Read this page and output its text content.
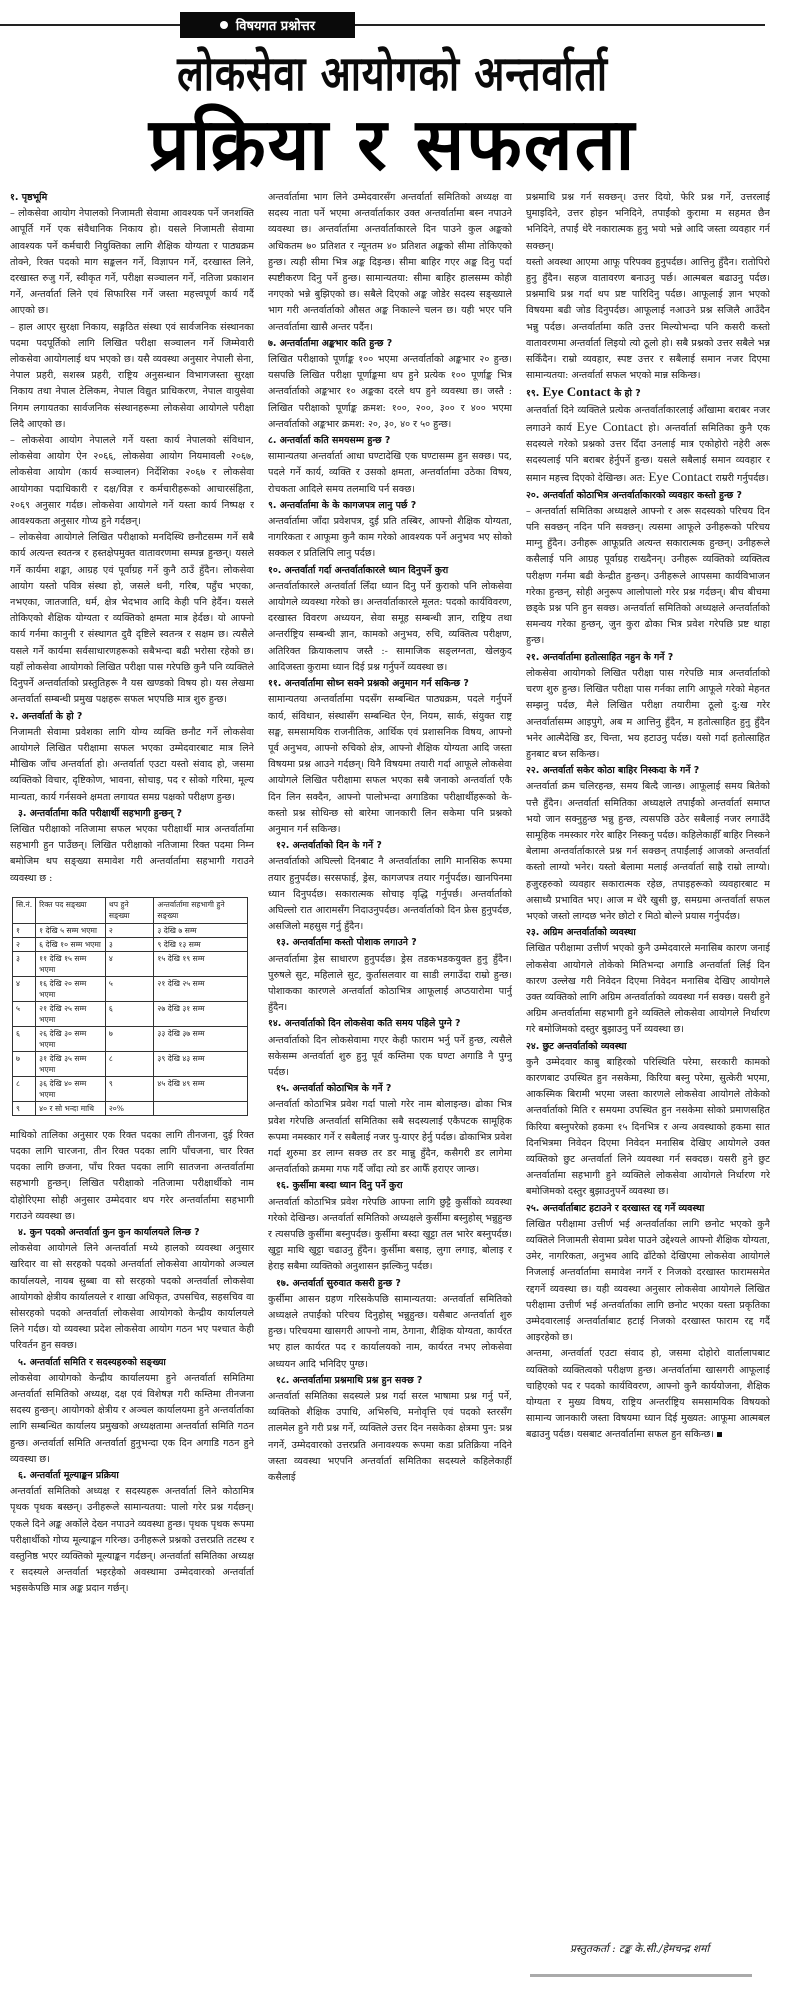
विषयगत प्रश्नोत्तर
लोकसेवा आयोगको अन्तर्वार्ता
प्रक्रिया र सफलता
१. पृष्ठभूमि

– लोकसेवा आयोग नेपालको निजामती सेवामा आवश्यक पर्ने जनशक्ति आपूर्ति गर्ने एक संवैधानिक निकाय हो। यसले निजामती सेवामा आवश्यक पर्ने कर्मचारी नियुक्तिका लागि शैक्षिक योग्यता र पाठ्यक्रम तोक्ने, रिक्त पदको माग सङ्कलन गर्ने, विज्ञापन गर्ने, दरखास्त लिने, दरखास्त रुजु गर्ने, स्वीकृत गर्ने, परीक्षा सञ्चालन गर्ने, नतिजा प्रकाशन गर्ने, अन्तर्वार्ता लिने एवं सिफारिस गर्ने जस्ता महत्त्वपूर्ण कार्य गर्दै आएको छ।

– हाल आएर सुरक्षा निकाय, सङ्गठित संस्था एवं सार्वजनिक संस्थानका पदमा पदपूर्तिको लागि लिखित परीक्षा सञ्चालन गर्ने जिम्मेवारी लोकसेवा आयोगलाई थप भएको छ। यसै व्यवस्था अनुसार नेपाली सेना, नेपाल प्रहरी, सशस्त्र प्रहरी, राष्ट्रिय अनुसन्धान विभागजस्ता सुरक्षा निकाय तथा नेपाल टेलिकम, नेपाल विद्युत प्राधिकरण, नेपाल वायुसेवा निगम लगायतका सार्वजनिक संस्थानहरूमा लोकसेवा आयोगले परीक्षा लिदै आएको छ।

– लोकसेवा आयोग नेपालले गर्ने यस्ता कार्य नेपालको संविधान, लोकसेवा आयोग ऐन २०६६, लोकसेवा आयोग नियमावली २०६७, लोकसेवा आयोग (कार्य सञ्चालन) निर्देशिका २०६७ र लोकसेवा आयोगका पदाधिकारी र दक्ष/विज्ञ र कर्मचारीहरूको आचारसंहिता, २०६९ अनुसार गर्दछ। लोकसेवा आयोगले गर्ने यस्ता कार्य निष्पक्ष र आवश्यकता अनुसार गोप्य हुने गर्दछन्।

– लोकसेवा आयोगले लिखित परीक्षाको मनदिस्थि छनौटसम्म गर्ने सबै कार्य अत्यन्त स्वतन्त्र र हस्तक्षेपमुक्त वातावरणमा सम्पन्न हुन्छन्। यसले गर्ने कार्यमा शङ्का, आग्रह एवं पूर्वाग्रह गर्ने कुनै ठाउँ हुँदैन। लोकसेवा आयोग यस्तो पवित्र संस्था हो, जसले धनी, गरिब, पहुँच भएका, नभएका, जातजाति, धर्म, क्षेत्र भेदभाव आदि केही पनि हेर्दैन। यसले तोकिएको शैक्षिक योग्यता र व्यक्तिको क्षमता मात्र हेर्दछ। यो आफ्नो कार्य गर्नमा कानुनी र संस्थागत दुवै दृष्टिले स्वतन्त्र र सक्षम छ। त्यसैले यसले गर्ने कार्यमा सर्वसाधारणहरूको सबैभन्दा बढी भरोसा रहेको छ। यहाँ लोकसेवा आयोगको लिखित परीक्षा पास गरेपछि कुनै पनि व्यक्तिले दिनुपर्ने अन्तर्वार्ताको प्रस्तुतिहरू नै यस खण्डको विषय हो। यस लेखमा अन्तर्वार्ता सम्बन्धी प्रमुख पक्षहरू सफल भएपछि मात्र शुरु हुन्छ।

२. अन्तर्वार्ता के हो ?

निजामती सेवामा प्रवेशका लागि योग्य व्यक्ति छनौट गर्ने लोकसेवा आयोगले लिखित परीक्षामा सफल भएका उम्मेदवारबाट मात्र लिने मौखिक जाँच अन्तर्वार्ता हो। अन्तर्वार्ता एउटा यस्तो संवाद हो, जसमा व्यक्तिको विचार, दृष्टिकोण, भावना, सोचाइ, पद र सोको गरिमा, मूल्य मान्यता, कार्य गर्नसक्ने क्षमता लगायत समग्र पक्षको परीक्षण हुन्छ।

३. अन्तर्वार्तामा कति परीक्षार्थी सहभागी हुन्छन् ?

लिखित परीक्षाको नतिजामा सफल भएका परीक्षार्थी मात्र अन्तर्वार्तामा सहभागी हुन पाउँछन्। लिखित परीक्षाको नतिजामा रिक्त पदमा निम्न बमोजिम थप सङ्ख्या समावेश गरी अन्तर्वार्तामा सहभागी गराउने व्यवस्था छ :

सि.नं.	रिक्त पद सङ्ख्या	थप हुने सङ्ख्या	अन्तर्वार्तामा सहभागी हुने सङ्ख्या
१	१ देखि ५ सम्म भएमा	२	३ देखि ७ सम्म
२	६ देखि १० सम्म भएमा	३	९ देखि १३ सम्म
३	११ देखि १५ सम्म भएमा	४	१५ देखि १९ सम्म
४	१६ देखि २० सम्म भएमा	५	२१ देखि २५ सम्म
५	२१ देखि २५ सम्म भएमा	६	२७ देखि ३१ सम्म
६	२६ देखि ३० सम्म भएमा	७	३३ देखि ३७ सम्म
७	३१ देखि ३५ सम्म भएमा	८	३९ देखि ४३ सम्म
८	३६ देखि ४० सम्म भएमा	९	४५ देखि ४९ सम्म
९	४० र सो भन्दा माथि	२०%	

माथिको तालिका अनुसार एक रिक्त पदका लागि तीनजना, दुई रिक्त पदका लागि चारजना, तीन रिक्त पदका लागि पाँचजना, चार रिक्त पदका लागि छजना, पाँच रिक्त पदका लागि सातजना अन्तर्वार्तामा सहभागी हुन्छन्। लिखित परीक्षाको नतिजामा परीक्षार्थीको नाम दोहोरिएमा सोही अनुसार उम्मेदवार थप गरेर अन्तर्वार्तामा सहभागी गराउने व्यवस्था छ।

४. कुन पदको अन्तर्वार्ता कुन कुन कार्यालयले लिन्छ ?

लोकसेवा आयोगले लिने अन्तर्वार्ता मध्ये हालको व्यवस्था अनुसार खरिदार वा सो सरहको पदको अन्तर्वार्ता लोकसेवा आयोगको अञ्चल कार्यालयले, नायब सुब्बा वा सो सरहको पदको अन्तर्वार्ता लोकसेवा आयोगको क्षेत्रीय कार्यालयले र शाखा अधिकृत, उपसचिव, सहसचिव वा सोसरहको पदको अन्तर्वार्ता लोकसेवा आयोगको केन्द्रीय कार्यालयले लिने गर्दछ। यो व्यवस्था प्रदेश लोकसेवा आयोग गठन भए पश्चात केही परिवर्तन हुन सक्छ।

५. अन्तर्वार्ता समिति र सदस्यहरुको सङ्ख्या

लोकसेवा आयोगको केन्द्रीय कार्यालयमा हुने अन्तर्वार्ता समितिमा अन्तर्वार्ता समितिको अध्यक्ष, दक्ष एवं विशेषज्ञ गरी कम्तिमा तीनजना सदस्य हुन्छन्। आयोगको क्षेत्रीय र अञ्चल कार्यालयमा हुने अन्तर्वार्ताका लागि सम्बन्धित कार्यालय प्रमुखको अध्यक्षतामा अन्तर्वार्ता समिति गठन हुन्छ। अन्तर्वार्ता समिति अन्तर्वार्ता हुनुभन्दा एक दिन अगाडि गठन हुने व्यवस्था छ।

६. अन्तर्वार्ता मूल्याङ्कन प्रक्रिया

अन्तर्वार्ता समितिको अध्यक्ष र सदस्यहरू अन्तर्वार्ता लिने कोठामित्र पृथक पृथक बस्छन्। उनीहरूले सामान्यतया: पालो गरेर प्रश्न गर्दछन्। एकले दिने अङ्क अर्कोले देख्न नपाउने व्यवस्था हुन्छ। पृथक पृथक रूपमा परीक्षार्थीको गोप्य मूल्याङ्कन गरिन्छ। उनीहरूले प्रश्नको उत्तरप्रति तटस्थ र वस्तुनिष्ठ भएर व्यक्तिको मूल्याङ्कन गर्दछन्। अन्तर्वार्ता समितिका अध्यक्ष र सदस्यले अन्तर्वार्ता भइरहेको अवस्थामा उम्मेदवारको अन्तर्वार्ता भइसकेपछि मात्र अङ्क प्रदान गर्छन्।

अन्तर्वार्तामा भाग लिने उम्मेदवारसँग अन्तर्वार्ता समितिको अध्यक्ष वा सदस्य नाता पर्ने भएमा अन्तर्वार्ताकार उक्त अन्तर्वार्तामा बस्न नपाउने व्यवस्था छ। अन्तर्वार्तामा अन्तर्वार्ताकारले दिन पाउने कुल अङ्कको अधिकतम ७० प्रतिशत र न्यूनतम ४० प्रतिशत अङ्कको सीमा तोकिएको हुन्छ। त्यही सीमा भित्र अङ्क दिइन्छ। सीमा बाहिर गएर अङ्क दिनु पर्दा स्पष्टीकरण दिनु पर्ने हुन्छ। सामान्यतया: सीमा बाहिर हालसम्म कोही नगएको भन्ने बुझिएको छ। सबैले दिएको अङ्क जोडेर सदस्य सङ्ख्याले भाग गरी अन्तर्वार्ताको औसत अङ्क निकाल्ने चलन छ। यही भएर पनि अन्तर्वार्तामा खासै अन्तर पर्दैन।

७. अन्तर्वार्तामा अङ्कभार कति हुन्छ ?

लिखित परीक्षाको पूर्णाङ्क १०० भएमा अन्तर्वार्ताको अङ्कभार २० हुन्छ। यसपछि लिखित परीक्षा पूर्णाङ्कमा थप हुने प्रत्येक १०० पूर्णाङ्क भित्र अन्तर्वार्ताको अङ्कभार १० अङ्कका दरले थप हुने व्यवस्था छ। जस्तै : लिखित परीक्षाको पूर्णाङ्क क्रमश: १००, २००, ३०० र ४०० भएमा अन्तर्वार्ताको अङ्कभार क्रमश: २०, ३०, ४० र ५० हुन्छ।

८. अन्तर्वार्ता कति समयसम्म हुन्छ ?

सामान्यतया अन्तर्वार्ता आधा घण्टादेखि एक घण्टासम्म हुन सक्छ। पद, पदले गर्ने कार्य, व्यक्ति र उसको क्षमता, अन्तर्वार्तामा उठेका विषय, रोचकता आदिले समय तलमाथि पर्न सक्छ।

९. अन्तर्वार्तामा के के कागजपत्र लानु पर्छ ?

अन्तर्वार्तामा जाँदा प्रवेशपत्र, दुई प्रति तस्बिर, आफ्नो शैक्षिक योग्यता, नागरिकता र आफूमा कुनै काम गरेको आवश्यक पर्ने अनुभव भए सोको सक्कल र प्रतिलिपि लानु पर्दछ।

१०. अन्तर्वार्ता गर्दा अन्तर्वार्ताकारले ध्यान दिनुपर्ने कुरा

अन्तर्वार्ताकारले अन्तर्वार्ता लिँदा ध्यान दिनु पर्ने कुराको पनि लोकसेवा आयोगले व्यवस्था गरेको छ। अन्तर्वार्ताकारले मूलत: पदको कार्यविवरण, दरखास्त विवरण अध्ययन, सेवा समूह सम्बन्धी ज्ञान, राष्ट्रिय तथा अन्तर्राष्ट्रिय सम्बन्धी ज्ञान, कामको अनुभव, रुचि, व्यक्तित्व परीक्षण, अतिरिक्त क्रियाकलाप जस्तै :- सामाजिक सङ्लग्नता, खेलकुद आदिजस्ता कुरामा ध्यान दिई प्रश्न गर्नुपर्ने व्यवस्था छ।

११. अन्तर्वार्तामा सोध्न सक्ने प्रश्नको अनुमान गर्न सकिन्छ ?

सामान्यतया अन्तर्वार्तामा पदसँग सम्बन्धित पाठ्यक्रम, पदले गर्नुपर्ने कार्य, संविधान, संस्थासँग सम्बन्धित ऐन, नियम, सार्क, संयुक्त राष्ट्र सङ्घ, समसामयिक राजनीतिक, आर्थिक एवं प्रशासनिक विषय, आफ्नो पूर्व अनुभव, आफ्नो रुचिको क्षेत्र, आफ्नो शैक्षिक योग्यता आदि जस्ता विषयमा प्रश्न आउने गर्दछन्। यिनै विषयमा तयारी गर्दा आफूले लोकसेवा आयोगले लिखित परीक्षामा सफल भएका सबै जनाको अन्तर्वार्ता एकै दिन लिन सक्दैन, आफ्नो पालोभन्दा अगाडिका परीक्षार्थीहरूको के-कस्तो प्रश्न सोधिन्छ सो बारेमा जानकारी लिन सकेमा पनि प्रश्नको अनुमान गर्न सकिन्छ।

१२. अन्तर्वार्ताको दिन के गर्ने ?

अन्तर्वार्ताको अघिल्लो दिनबाट नै अन्तर्वार्ताका लागि मानसिक रूपमा तयार हुनुपर्दछ। सरसफाई, ड्रेस, कागजपत्र तयार गर्नुपर्दछ। खानपिनमा ध्यान दिनुपर्दछ। सकारात्मक सोचाइ वृद्धि गर्नुपर्छ। अन्तर्वार्ताको अघिल्लो रात आरामसँग निदाउनुपर्दछ। अन्तर्वार्ताको दिन फ्रेस हुनुपर्दछ, असजिलो महसुस गर्नु हुँदैन।

१३. अन्तर्वार्तामा कस्तो पोशाक लगाउने ?

अन्तर्वार्तामा ड्रेस साधारण हुनुपर्दछ। ड्रेस तडकभडकयुक्त हुनु हुँदैन। पुरुषले सुट, महिलाले सुट, कुर्तासलवार वा साडी लगाउँदा राम्रो हुन्छ। पोशाकका कारणले अन्तर्वार्ता कोठाभित्र आफूलाई अप्ठयारोमा पार्नु हुँदैन।

१४. अन्तर्वार्ताको दिन लोकसेवा कति समय पहिले पुग्ने ?

अन्तर्वार्ताको दिन लोकसेवामा गएर केही फाराम भर्नु पर्ने हुन्छ, त्यसैले सकेसम्म अन्तर्वार्ता शुरु हुनु पूर्व कम्तिमा एक घण्टा अगाडि नै पुग्नु पर्दछ।

१५. अन्तर्वार्ता कोठाभित्र के गर्ने ?

अन्तर्वार्ता कोठाभित्र प्रवेश गर्दा पालो गरेर नाम बोलाइन्छ। ढोका भित्र प्रवेश गरेपछि अन्तर्वार्ता समितिका सबै सदस्यलाई एकैपटक सामूहिक रूपमा नमस्कार गर्ने र सबैलाई नजर पु-याएर हेर्नु पर्दछ। ढोकाभित्र प्रवेश गर्दा शुरुमा डर लाग्न सक्छ तर डर मान्नु हुँदैन, कसैगरी डर लागेमा अन्तर्वार्ताको क्रममा गफ गर्दै जाँदा त्यो डर आफैँ हराएर जान्छ।

१६. कुर्सीमा बस्दा ध्यान दिनु पर्ने कुरा

अन्तर्वार्ता कोठाभित्र प्रवेश गरेपछि आफ्ना लागि छुट्टै कुर्सीको व्यवस्था गरेको देखिन्छ। अन्तर्वार्ता समितिको अध्यक्षले कुर्सीमा बस्नुहोस् भन्नुहुन्छ र त्यसपछि कुर्सीमा बस्नुपर्दछ। कुर्सीमा बस्दा खुट्टा तल भारेर बस्नुपर्दछ। खुट्टा माथि खुट्टा चढाउनु हुँदैन। कुर्सीमा बसाइ, लुगा लगाइ, बोलाइ र हेराइ सबैमा व्यक्तिको अनुशासन झल्किनु पर्दछ।

१७. अन्तर्वार्ता सुरुवात कसरी हुन्छ ?

कुर्सीमा आसन ग्रहण गरिसकेपछि सामान्यतया: अन्तर्वार्ता समितिको अध्यक्षले तपाईंको परिचय दिनुहोस् भन्नुहुन्छ। यसैबाट अन्तर्वार्ता शुरु हुन्छ। परिचयमा खासगरी आफ्नो नाम, ठेगाना, शैक्षिक योग्यता, कार्यरत भए हाल कार्यरत पद र कार्यालयको नाम, कार्यरत नभए लोकसेवा अध्ययन आदि भनिदिए पुग्छ।

१८. अन्तर्वार्तामा प्रश्नमाथि प्रश्न हुन सक्छ ?

अन्तर्वार्ता समितिका सदस्यले प्रश्न गर्दा सरल भाषामा प्रश्न गर्नु पर्ने, व्यक्तिको शैक्षिक उपाधि, अभिरुचि, मनोवृत्ति एवं पदको स्तरसँग तालमेल हुने गरी प्रश्न गर्ने, व्यक्तिले उत्तर दिन नसकेका क्षेत्रमा पुन: प्रश्न नगर्ने, उम्मेदवारको उत्तरप्रति अनावश्यक रूपमा कडा प्रतिक्रिया नदिने जस्ता व्यवस्था भएपनि अन्तर्वार्ता समितिका सदस्यले कहिलेकाहीँ कसैलाई

प्रश्नमाथि प्रश्न गर्न सक्छन्। उत्तर दियो, फेरि प्रश्न गर्ने, उत्तरलाई घुमाइदिने, उत्तर होइन भनिदिने, तपाईंको कुरामा म सहमत छैन भनिदिने, तपाईं धेरै नकारात्मक हुनु भयो भन्ने आदि जस्ता व्यवहार गर्न सक्छन्।

यस्तो अवस्था आएमा आफू परिपक्व हुनुपर्दछ। आत्तिनु हुँदैन। रातोपिरो हुनु हुँदैन। सहज वातावरण बनाउनु पर्छ। आत्मबल बढाउनु पर्दछ। प्रश्नमाथि प्रश्न गर्दा थप प्रष्ट पारिदिनु पर्दछ। आफूलाई ज्ञान भएको विषयमा बढी जोड दिनुपर्दछ। आफूलाई नआउने प्रश्न सजिलै आउँदैन भन्नु पर्दछ। अन्तर्वार्तामा कति उत्तर मिल्योभन्दा पनि कसरी कस्तो वातावरणमा अन्तर्वार्ता लिइयो त्यो ठूलो हो। सबै प्रश्नको उत्तर सबैले भन्न सकिँदैन। राम्रो व्यवहार, स्पष्ट उत्तर र सबैलाई समान नजर दिएमा सामान्यतया: अन्तर्वार्ता सफल भएको मान्न सकिन्छ।

१९. Eye Contact के हो ?

अन्तर्वार्ता दिने व्यक्तिले प्रत्येक अन्तर्वार्ताकारलाई आँखामा बराबर नजर लगाउने कार्य Eye Contact हो। अन्तर्वार्ता समितिका कुनै एक सदस्यले गरेको प्रश्नको उत्तर दिँदा उनलाई मात्र एकोहोरो नहेरी अरू सदस्यलाई पनि बराबर हेर्नुपर्ने हुन्छ। यसले सबैलाई समान व्यवहार र समान महत्त्व दिएको देखिन्छ। अत: Eye Contact राम्ररी गर्नुपर्दछ।

२०. अन्तर्वार्ता कोठाभित्र अन्तर्वार्ताकारको व्यवहार कस्तो हुन्छ ?

– अन्तर्वार्ता समितिका अध्यक्षले आफ्नो र अरू सदस्यको परिचय दिन पनि सक्छन् नदिन पनि सक्छन्। त्यसमा आफूले उनीहरूको परिचय माग्नु हुँदैन। उनीहरू आफूप्रति अत्यन्त सकारात्मक हुन्छन्। उनीहरूले कसैलाई पनि आग्रह पूर्वाग्रह राख्दैनन्। उनीहरू व्यक्तिको व्यक्तित्व परीक्षण गर्नमा बढी केन्द्रीत हुन्छन्। उनीहरूले आपसमा कार्यविभाजन गरेका हुन्छन्, सोही अनुरूप आलोपालो गरेर प्रश्न गर्दछन्। बीच बीचमा छड्के प्रश्न पनि हुन सक्छ। अन्तर्वार्ता समितिको अध्यक्षले अन्तर्वार्ताको समन्वय गरेका हुन्छन्, जुन कुरा ढोका भित्र प्रवेश गरेपछि प्रष्ट थाहा हुन्छ।

२१. अन्तर्वार्तामा हतोत्साहित नहुन के गर्ने ?

लोकसेवा आयोगको लिखित परीक्षा पास गरेपछि मात्र अन्तर्वार्ताको चरण शुरु हुन्छ। लिखित परीक्षा पास गर्नका लागि आफूले गरेको मेहनत सम्झनु पर्दछ, मैले लिखित परीक्षा तयारीमा ठूलो दु:ख गरेर अन्तर्वार्तासम्म आइपुगे, अब म आत्तिनु हुँदैन, म हतोत्साहित हुनु हुँदैन भनेर आत्मैदेखि डर, चिन्ता, भय हटाउनु पर्दछ। यसो गर्दा हतोत्साहित हुनबाट बच्न सकिन्छ।

२२. अन्तर्वार्ता सकेर कोठा बाहिर निस्कदा के गर्ने ?

अन्तर्वार्ता क्रम चलिरहन्छ, समय बित्दै जान्छ। आफूलाई समय बितेको पत्तै हुँदैन। अन्तर्वार्ता समितिका अध्यक्षले तपाईंको अन्तर्वार्ता समाप्त भयो जान सक्नुहुन्छ भन्नु हुन्छ, त्यसपछि उठेर सबैलाई नजर लगाउँदै सामूहिक नमस्कार गरेर बाहिर निस्कनु पर्दछ। कहिलेकाहीँ बाहिर निस्कने बेलामा अन्तर्वार्ताकारले प्रश्न गर्न सक्छन् तपाईंलाई आजको अन्तर्वार्ता कस्तो लाग्यो भनेर। यस्तो बेलामा मलाई अन्तर्वार्ता साह्रै राम्रो लाग्यो। हजुरहरुको व्यवहार सकारात्मक रहेछ, तपाइहरूको व्यवहारबाट म असाध्यै प्रभावित भए। आज म धेरै खुसी छु, समग्रमा अन्तर्वार्ता सफल भएको जस्तो लाग्दछ भनेर छोटो र मिठो बोल्ने प्रयास गर्नुपर्दछ।

२३. अग्रिम अन्तर्वार्ताको व्यवस्था

लिखित परीक्षामा उत्तीर्ण भएको कुनै उम्मेदवारले मनासिब कारण जनाई लोकसेवा आयोगले तोकेको मितिभन्दा अगाडि अन्तर्वार्ता लिई दिन कारण उल्लेख गरी निवेदन दिएमा निवेदन मनासिब देखिए आयोगले उक्त व्यक्तिको लागि अग्रिम अन्तर्वार्ताको व्यवस्था गर्न सक्छ। यसरी हुने अग्रिम अन्तर्वार्तामा सहभागी हुने व्यक्तिले लोकसेवा आयोगले निर्धारण गरे बमोजिमको दस्तुर बुझाउनु पर्ने व्यवस्था छ।

२४. छुट अन्तर्वार्ताको व्यवस्था

कुनै उम्मेदवार काबु बाहिरको परिस्थिति परेमा, सरकारी कामको कारणबाट उपस्थित हुन नसकेमा, किरिया बस्नु परेमा, सुत्केरी भएमा, आकस्मिक बिरामी भएमा जस्ता कारणले लोकसेवा आयोगले तोकेको अन्तर्वार्ताको मिति र समयमा उपस्थित हुन नसकेमा सोको प्रमाणसहित किरिया बस्नुपरेको हकमा १५ दिनभित्र र अन्य अवस्थाको हकमा सात दिनभित्रमा निवेदन दिएमा निवेदन मनासिब देखिए आयोगले उक्त व्यक्तिको छुट अन्तर्वार्ता लिने व्यवस्था गर्न सक्दछ। यसरी हुने छुट अन्तर्वार्तामा सहभागी हुने व्यक्तिले लोकसेवा आयोगले निर्धारण गरे बमोजिमको दस्तुर बुझाउनुपर्ने व्यवस्था छ।

२५. अन्तर्वार्ताबाट हटाउने र दरखास्त रद्द गर्ने व्यवस्था

लिखित परीक्षामा उत्तीर्ण भई अन्तर्वार्ताका लागि छनोट भएको कुनै व्यक्तिले निजामती सेवामा प्रवेश पाउने उद्देश्यले आफ्नो शैक्षिक योग्यता, उमेर, नागरिकता, अनुभव आदि ढाँटेको देखिएमा लोकसेवा आयोगले निजलाई अन्तर्वार्तामा समावेश नगर्ने र निजको दरखास्त फारामसमेत रद्दगर्ने व्यवस्था छ। यही व्यवस्था अनुसार लोकसेवा आयोगले लिखित परीक्षामा उत्तीर्ण भई अन्तर्वार्ताका लागि छनोट भएका यस्ता प्रकृतिका उम्मेदवारलाई अन्तर्वार्ताबाट हटाई निजको दरखास्त फाराम रद्द गर्दै आइरहेको छ।

अन्तमा, अन्तर्वार्ता एउटा संवाद हो, जसमा दोहोरो वार्तालापबाट व्यक्तिको व्यक्तित्वको परीक्षण हुन्छ। अन्तर्वार्तामा खासगरी आफूलाई चाहिएको पद र पदको कार्यविवरण, आफ्नो कुनै कार्ययोजना, शैक्षिक योग्यता र मुख्य विषय, राष्ट्रिय अन्तर्राष्ट्रिय समसामयिक विषयको सामान्य जानकारी जस्ता विषयमा ध्यान दिई मुख्यत: आफूमा आत्मबल बढाउनु पर्दछ। यसबाट अन्तर्वार्तामा सफल हुन सकिन्छ।

प्रस्तुतकर्ता : टङ्क के.सी./हेमचन्द्र शर्मा
